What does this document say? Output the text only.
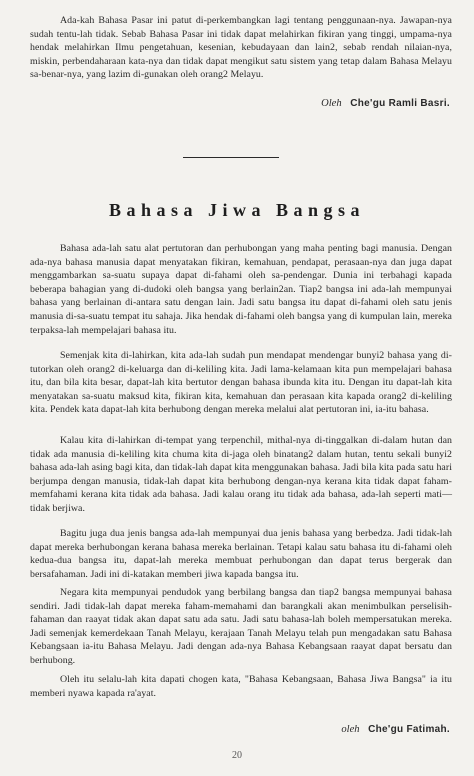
Ada-kah Bahasa Pasar ini patut di-perkembangkan lagi tentang penggunaan-nya. Jawapan-nya sudah tentu-lah tidak. Sebab Bahasa Pasar ini tidak dapat melahirkan fikiran yang tinggi, umpama-nya hendak melahirkan Ilmu pengetahuan, kesenian, kebudayaan dan lain2, sebab rendah nilaian-nya, miskin, perbendaharaan kata-nya dan tidak dapat mengikut satu sistem yang tetap dalam Bahasa Melayu sa-benar-nya, yang lazim di-gunakan oleh orang2 Melayu.

Oleh Che'gu Ramli Basri.
Bahasa Jiwa Bangsa

Bahasa ada-lah satu alat pertutoran dan perhubongan yang maha penting bagi manusia. Dengan ada-nya bahasa manusia dapat menyatakan fikiran, kemahuan, pendapat, perasaan-nya dan juga dapat menggambarkan sa-suatu supaya dapat di-fahami oleh sa-pendengar. Dunia ini terbahagi kapada beberapa bahagian yang di-dudoki oleh bangsa yang berlain2an. Tiap2 bangsa ini ada-lah mempunyai bahasa yang berlainan di-antara satu dengan lain. Jadi satu bangsa itu dapat di-fahami oleh satu jenis manusia di-sa-suatu tempat itu sahaja. Jika hendak di-fahami oleh bangsa yang di kumpulan lain, mereka terpaksa-lah mempelajari bahasa itu.

Semenjak kita di-lahirkan, kita ada-lah sudah pun mendapat mendengar bunyi2 bahasa yang di-tutorkan oleh orang2 di-keluarga dan di-keliling kita. Jadi lama-kelamaan kita pun mempelajari bahasa itu, dan bila kita besar, dapat-lah kita bertutor dengan bahasa ibunda kita itu. Dengan itu dapat-lah kita menyatakan sa-suatu maksud kita, fikiran kita, kemahuan dan perasaan kita kapada orang2 di-keliling kita. Pendek kata dapat-lah kita berhubong dengan mereka melalui alat pertutoran ini, ia-itu bahasa.

Kalau kita di-lahirkan di-tempat yang terpenchil, mithal-nya di-tinggalkan di-dalam hutan dan tidak ada manusia di-keliling kita chuma kita di-jaga oleh binatang2 dalam hutan, tentu sekali bunyi2 bahasa ada-lah asing bagi kita, dan tidak-lah dapat kita menggunakan bahasa. Jadi bila kita pada satu hari berjumpa dengan manusia, tidak-lah dapat kita berhubong dengan-nya kerana kita tidak dapat faham-memfahami kerana kita tidak ada bahasa. Jadi kalau orang itu tidak ada bahasa, ada-lah seperti mati—tidak berjiwa.

Bagitu juga dua jenis bangsa ada-lah mempunyai dua jenis bahasa yang berbedza. Jadi tidak-lah dapat mereka berhubongan kerana bahasa mereka berlainan. Tetapi kalau satu bahasa itu di-fahami oleh kedua-dua bangsa itu, dapat-lah mereka membuat perhubongan dan dapat terus bergerak dan bersafahaman. Jadi ini di-katakan memberi jiwa kapada bangsa itu.

Negara kita mempunyai pendudok yang berbilang bangsa dan tiap2 bangsa mempunyai bahasa sendiri. Jadi tidak-lah dapat mereka faham-memahami dan barangkali akan menimbulkan perselisih-fahaman dan raayat tidak akan dapat satu ada satu. Jadi satu bahasa-lah boleh mempersatukan mereka. Jadi semenjak kemerdekaan Tanah Melayu, kerajaan Tanah Melayu telah pun mengadakan satu Bahasa Kebangsaan ia-itu Bahasa Melayu. Jadi dengan ada-nya Bahasa Kebangsaan raayat dapat bersatu dan berhubong.

Oleh itu selalu-lah kita dapati chogen kata, "Bahasa Kebangsaan, Bahasa Jiwa Bangsa" ia itu memberi nyawa kapada ra'ayat.

oleh Che'gu Fatimah.
20
